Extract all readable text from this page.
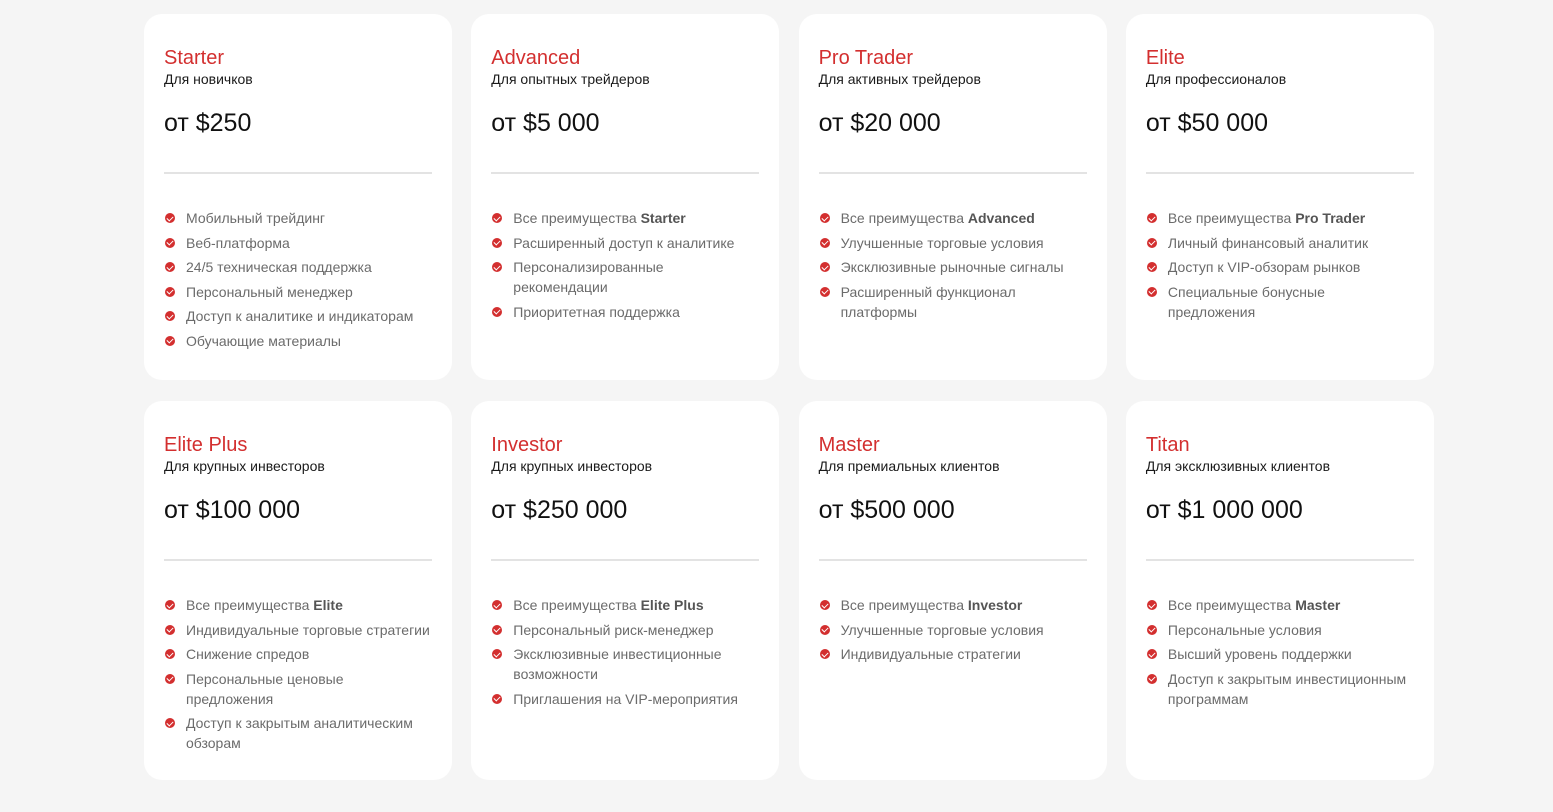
Starter
Для новичков
от $250
Мобильный трейдинг
Веб-платформа
24/5 техническая поддержка
Персональный менеджер
Доступ к аналитике и индикаторам
Обучающие материалы
Advanced
Для опытных трейдеров
от $5 000
Все преимущества Starter
Расширенный доступ к аналитике
Персонализированные рекомендации
Приоритетная поддержка
Pro Trader
Для активных трейдеров
от $20 000
Все преимущества Advanced
Улучшенные торговые условия
Эксклюзивные рыночные сигналы
Расширенный функционал платформы
Elite
Для профессионалов
от $50 000
Все преимущества Pro Trader
Личный финансовый аналитик
Доступ к VIP-обзорам рынков
Специальные бонусные предложения
Elite Plus
Для крупных инвесторов
от $100 000
Все преимущества Elite
Индивидуальные торговые стратегии
Снижение спредов
Персональные ценовые предложения
Доступ к закрытым аналитическим обзорам
Investor
Для крупных инвесторов
от $250 000
Все преимущества Elite Plus
Персональный риск-менеджер
Эксклюзивные инвестиционные возможности
Приглашения на VIP-мероприятия
Master
Для премиальных клиентов
от $500 000
Все преимущества Investor
Улучшенные торговые условия
Индивидуальные стратегии
Titan
Для эксклюзивных клиентов
от $1 000 000
Все преимущества Master
Персональные условия
Высший уровень поддержки
Доступ к закрытым инвестиционным программам
